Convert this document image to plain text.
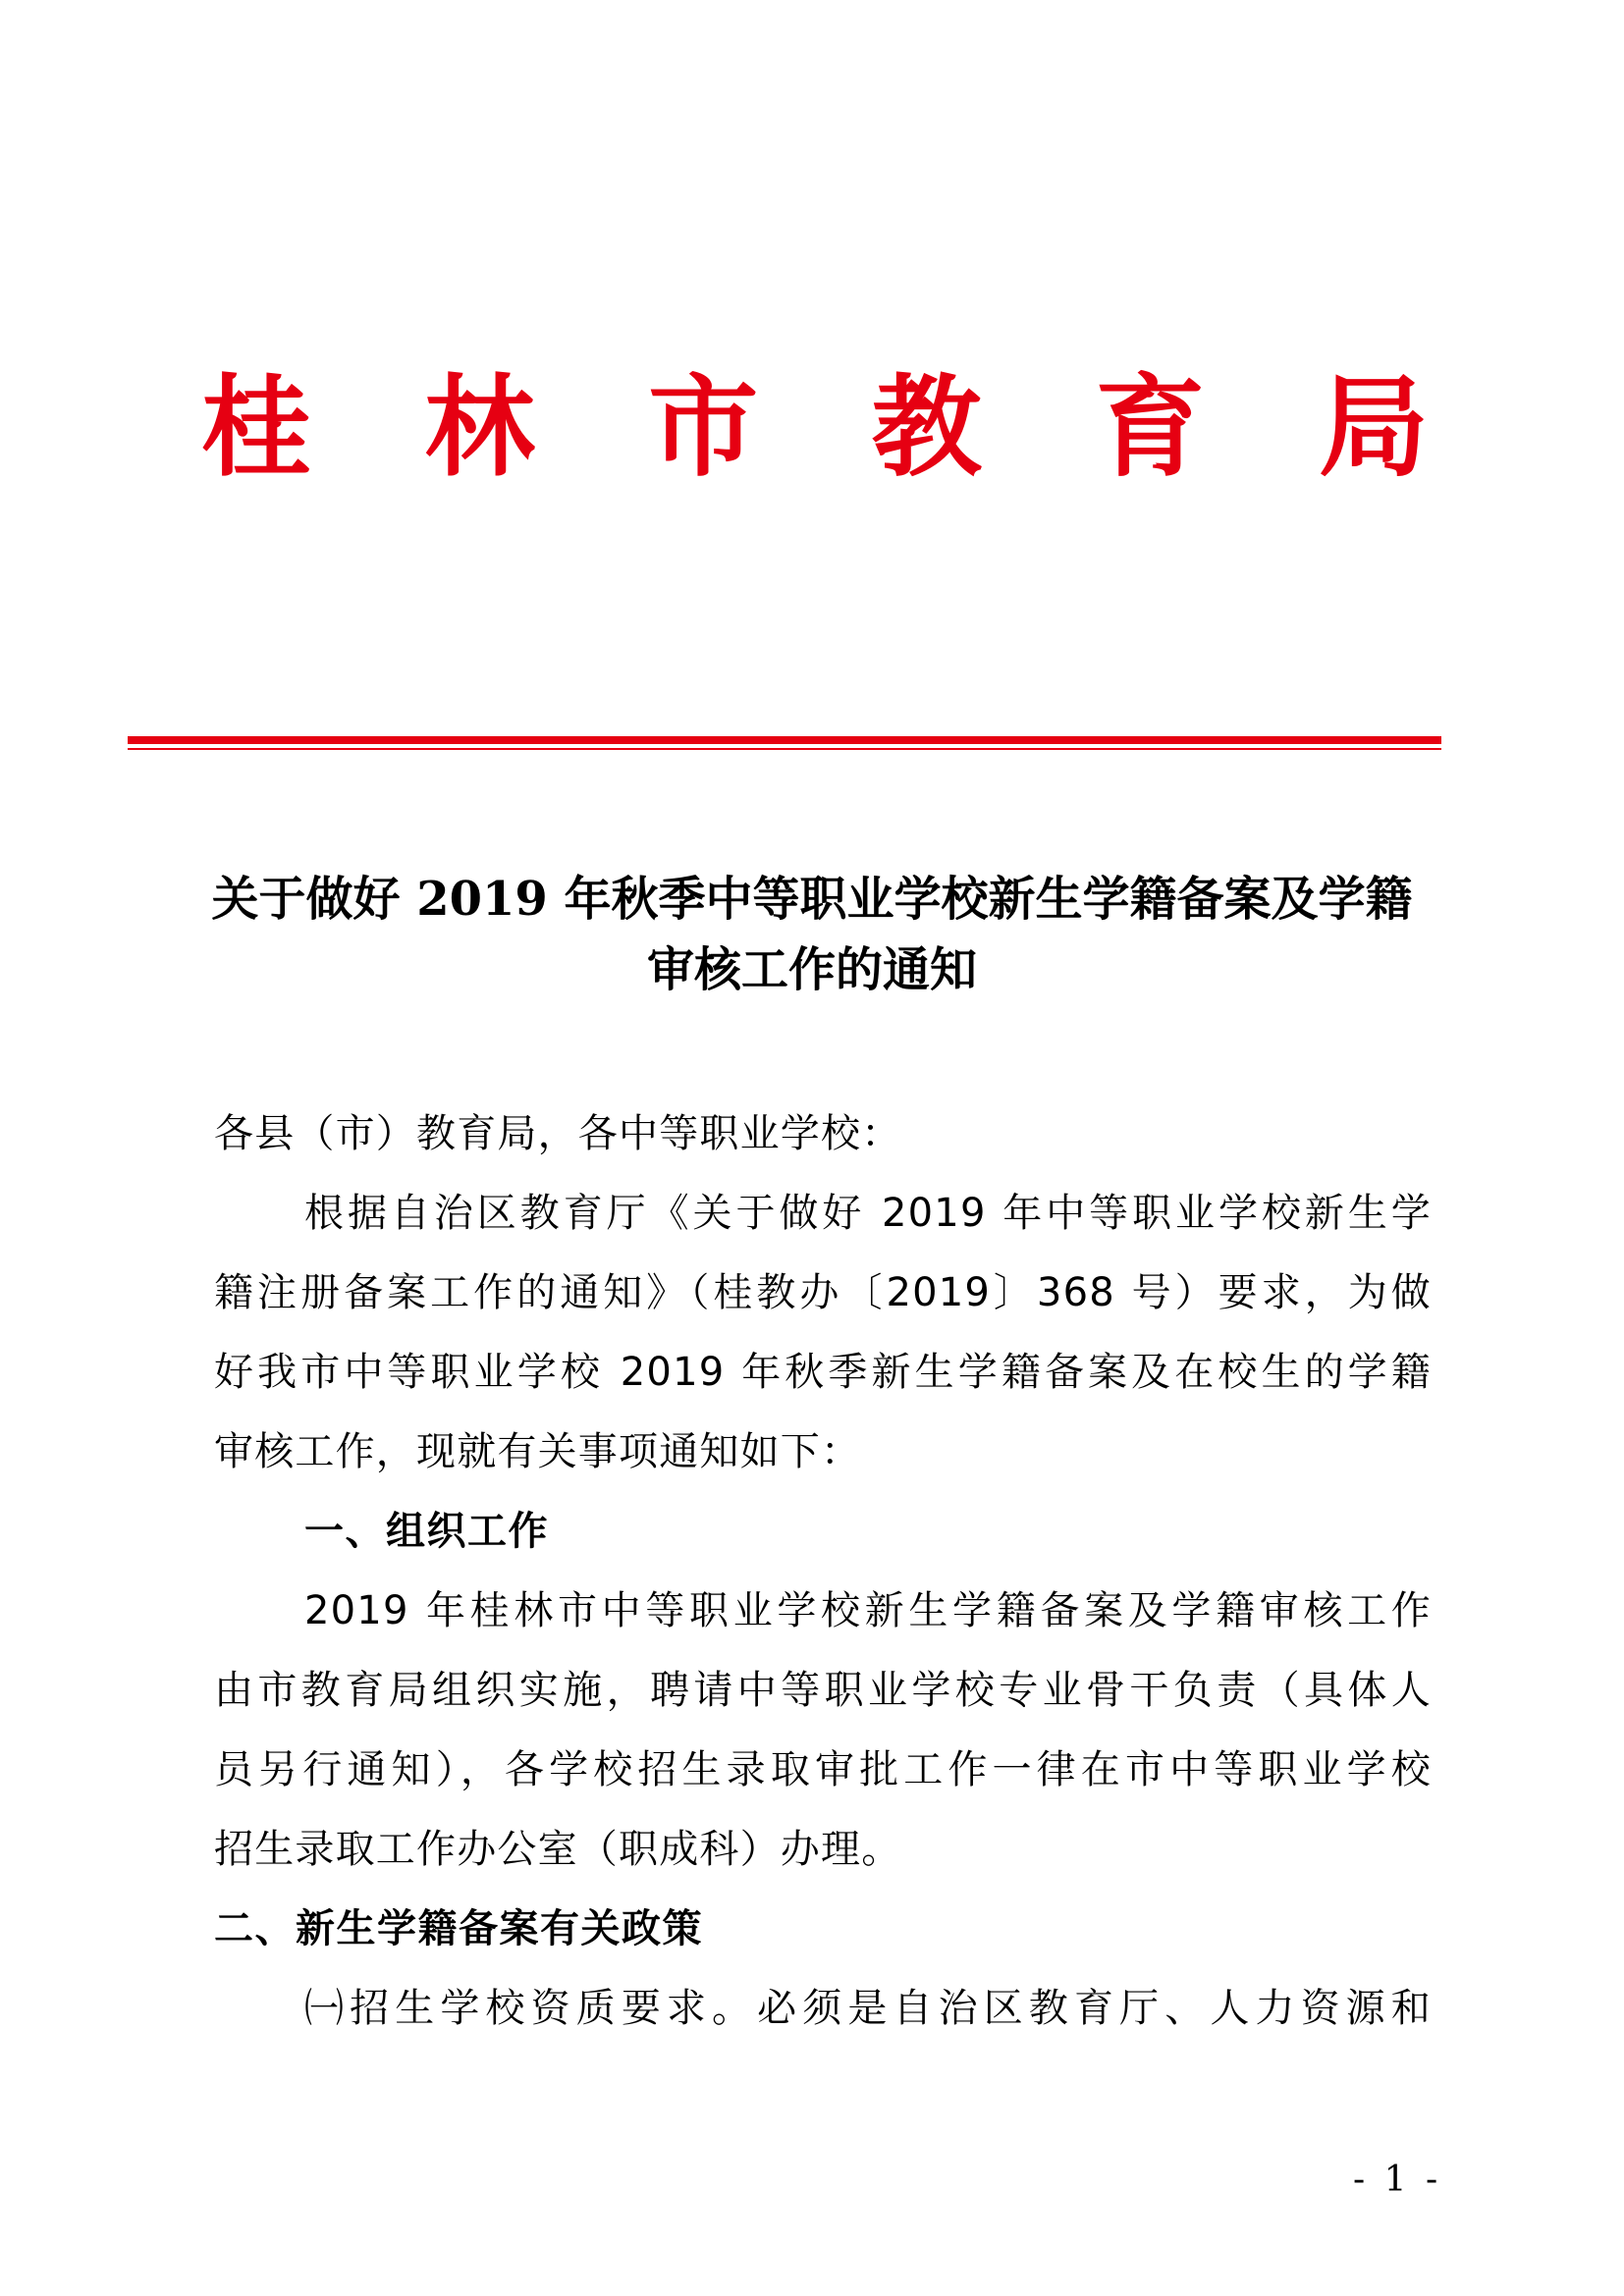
桂 林 市 教 育 局
关于做好 2019 年秋季中等职业学校新生学籍备案及学籍
审核工作的通知
各县（市）教育局，各中等职业学校：
根据自治区教育厅《关于做好 2019 年中等职业学校新生学
籍注册备案工作的通知》（桂教办〔2019〕368 号）要求，为做
好我市中等职业学校 2019 年秋季新生学籍备案及在校生的学籍
审核工作，现就有关事项通知如下：
一、组织工作
2019 年桂林市中等职业学校新生学籍备案及学籍审核工作
由市教育局组织实施，聘请中等职业学校专业骨干负责（具体人
员另行通知），各学校招生录取审批工作一律在市中等职业学校
招生录取工作办公室（职成科）办理。
二、新生学籍备案有关政策
㈠招生学校资质要求。必须是自治区教育厅、人力资源和
- 1 -
